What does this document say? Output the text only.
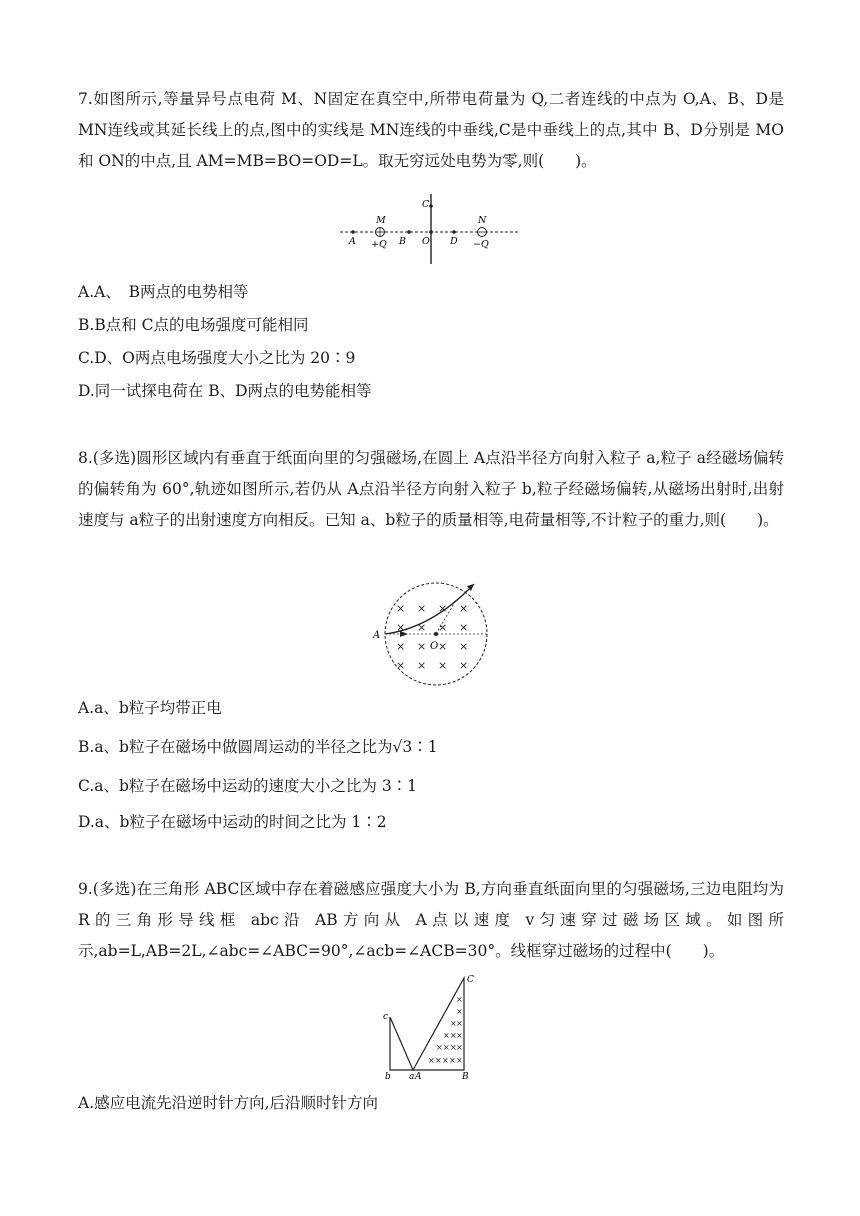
7.如图所示,等量异号点电荷 M、N固定在真空中,所带电荷量为 Q,二者连线的中点为 O,A、B、D是 MN连线或其延长线上的点,图中的实线是 MN连线的中垂线,C是中垂线上的点,其中 B、D分别是 MO和 ON的中点,且 AM=MB=BO=OD=L。取无穷远处电势为零,则(　　)。

A
M
+Q B O
C
D
N
−Q

A.A、　B两点的电势相等

B.B点和 C点的电场强度可能相同

C.D、O两点电场强度大小之比为 20∶9

D.同一试探电荷在 B、D两点的电势能相等

8.(多选)圆形区域内有垂直于纸面向里的匀强磁场,在圆上 A点沿半径方向射入粒子 a,粒子 a经磁场偏转的偏转角为 60°,轨迹如图所示,若仍从 A点沿半径方向射入粒子 b,粒子经磁场偏转,从磁场出射时,出射速度与 a粒子的出射速度方向相反。已知 a、b粒子的质量相等,电荷量相等,不计粒子的重力,则(　　)。

× × × ×
× × × ×
× × × ×
× × × ×
A
O

A.a、b粒子均带正电

B.a、b粒子在磁场中做圆周运动的半径之比为√3∶1

C.a、b粒子在磁场中运动的速度大小之比为 3∶1

D.a、b粒子在磁场中运动的时间之比为 1∶2

9.(多选)在三角形 ABC区域中存在着磁感应强度大小为 B,方向垂直纸面向里的匀强磁场,三边电阻均为 R的三角形导线框 abc沿 AB方向从 A点以速度 v匀速穿过磁场区域。如图所示,ab=L,AB=2L,∠abc=∠ABC=90°,∠acb=∠ACB=30°。线框穿过磁场的过程中(　　)。

×
×
× ×
× × ×
× × × ×
× × × × ×
c
b a A	B
C

A.感应电流先沿逆时针方向,后沿顺时针方向
